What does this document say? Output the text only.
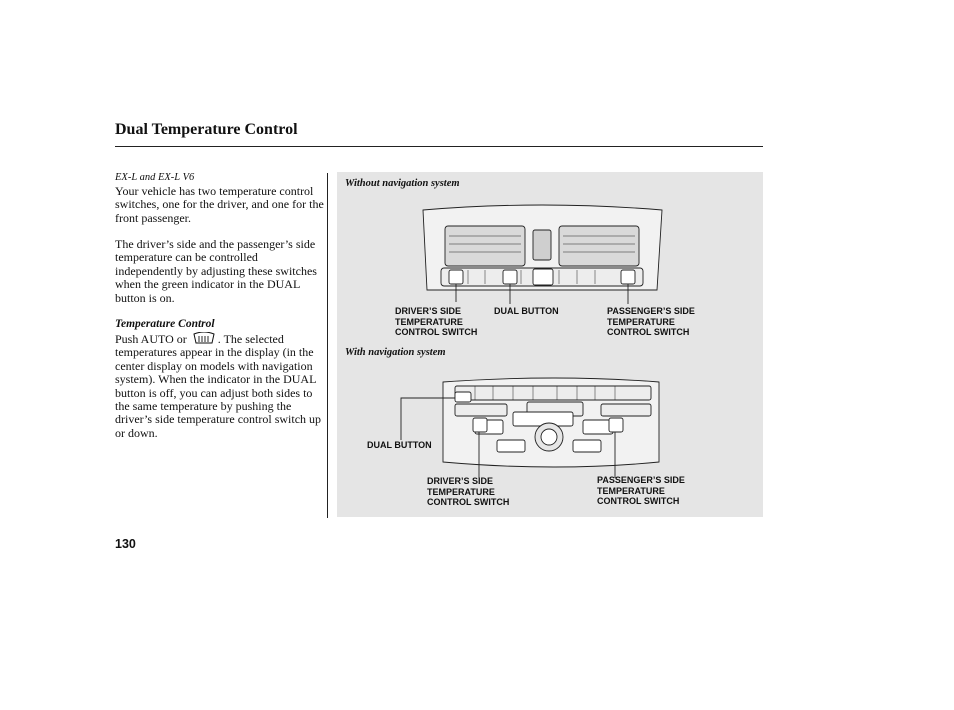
Dual Temperature Control
EX-L and EX-L V6
Your vehicle has two temperature control switches, one for the driver, and one for the front passenger.
The driver’s side and the passenger’s side temperature can be controlled independently by adjusting these switches when the green indicator in the DUAL button is on.
Temperature Control
Push AUTO or	. The selected temperatures appear in the display (in the center display on models with navigation system). When the indicator in the DUAL button is off, you can adjust both sides to the same temperature by pushing the driver’s side temperature control switch up or down.
Without navigation system
DRIVER’S SIDE
TEMPERATURE
CONTROL SWITCH
DUAL BUTTON	PASSENGER’S SIDE
TEMPERATURE
CONTROL SWITCH
With navigation system
DUAL BUTTON
DRIVER’S SIDE
TEMPERATURE
CONTROL SWITCH
PASSENGER’S SIDE
TEMPERATURE
CONTROL SWITCH
130
